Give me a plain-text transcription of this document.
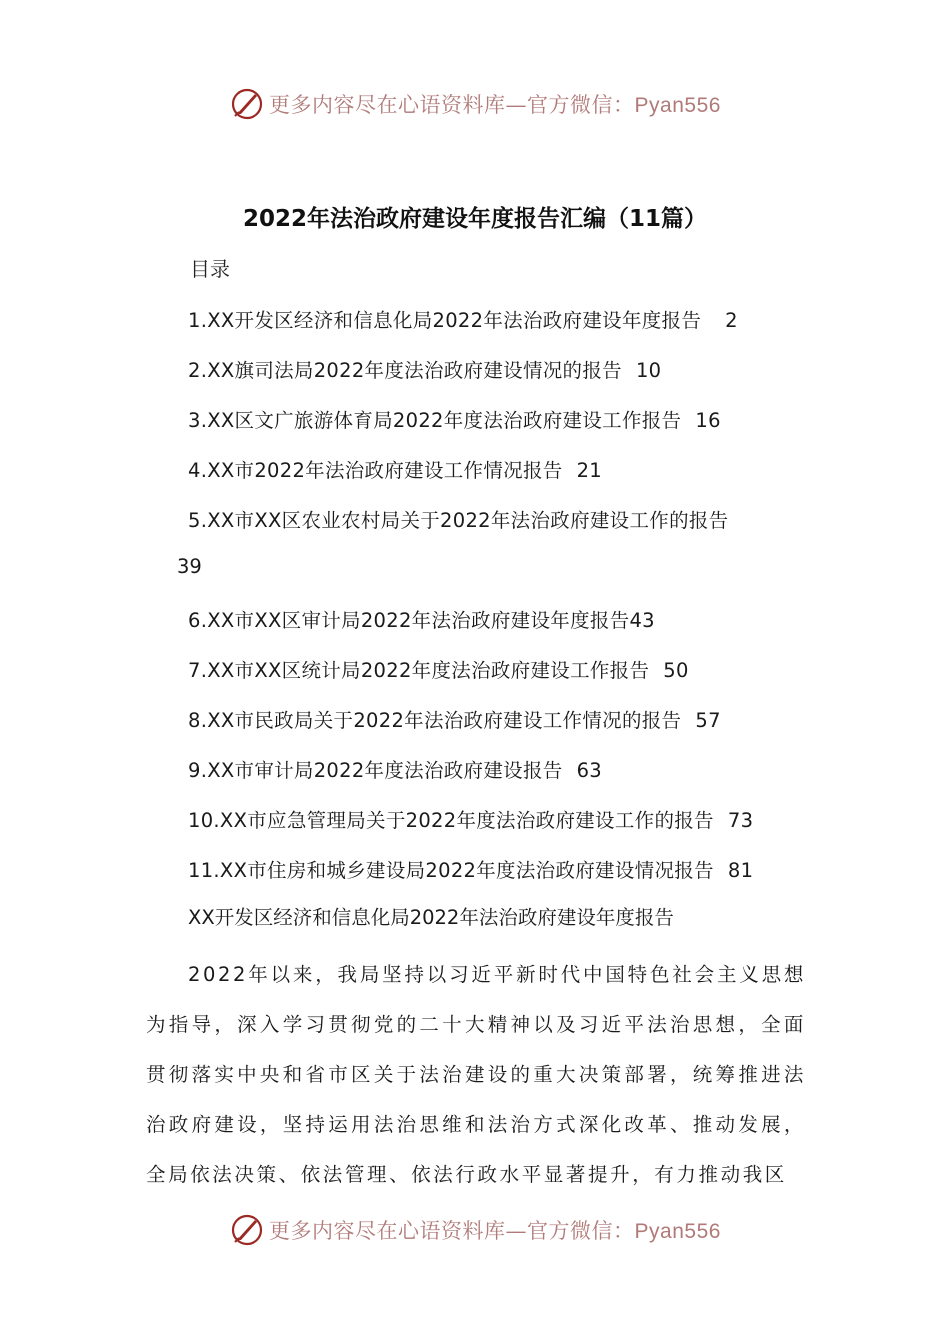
更多内容尽在心语资料库—官方微信：Pyan556
2022年法治政府建设年度报告汇编（11篇）
目录
1.XX开发区经济和信息化局2022年法治政府建设年度报告 2
2.XX旗司法局2022年度法治政府建设情况的报告 10
3.XX区文广旅游体育局2022年度法治政府建设工作报告 16
4.XX市2022年法治政府建设工作情况报告 21
5.XX市XX区农业农村局关于2022年法治政府建设工作的报告
39
6.XX市XX区审计局2022年法治政府建设年度报告43
7.XX市XX区统计局2022年度法治政府建设工作报告 50
8.XX市民政局关于2022年法治政府建设工作情况的报告 57
9.XX市审计局2022年度法治政府建设报告 63
10.XX市应急管理局关于2022年度法治政府建设工作的报告 73
11.XX市住房和城乡建设局2022年度法治政府建设情况报告 81
XX开发区经济和信息化局2022年法治政府建设年度报告
2022年以来，我局坚持以习近平新时代中国特色社会主义思想为指导，深入学习贯彻党的二十大精神以及习近平法治思想，全面贯彻落实中央和省市区关于法治建设的重大决策部署，统筹推进法治政府建设，坚持运用法治思维和法治方式深化改革、推动发展，全局依法决策、依法管理、依法行政水平显著提升，有力推动我区
更多内容尽在心语资料库—官方微信：Pyan556
